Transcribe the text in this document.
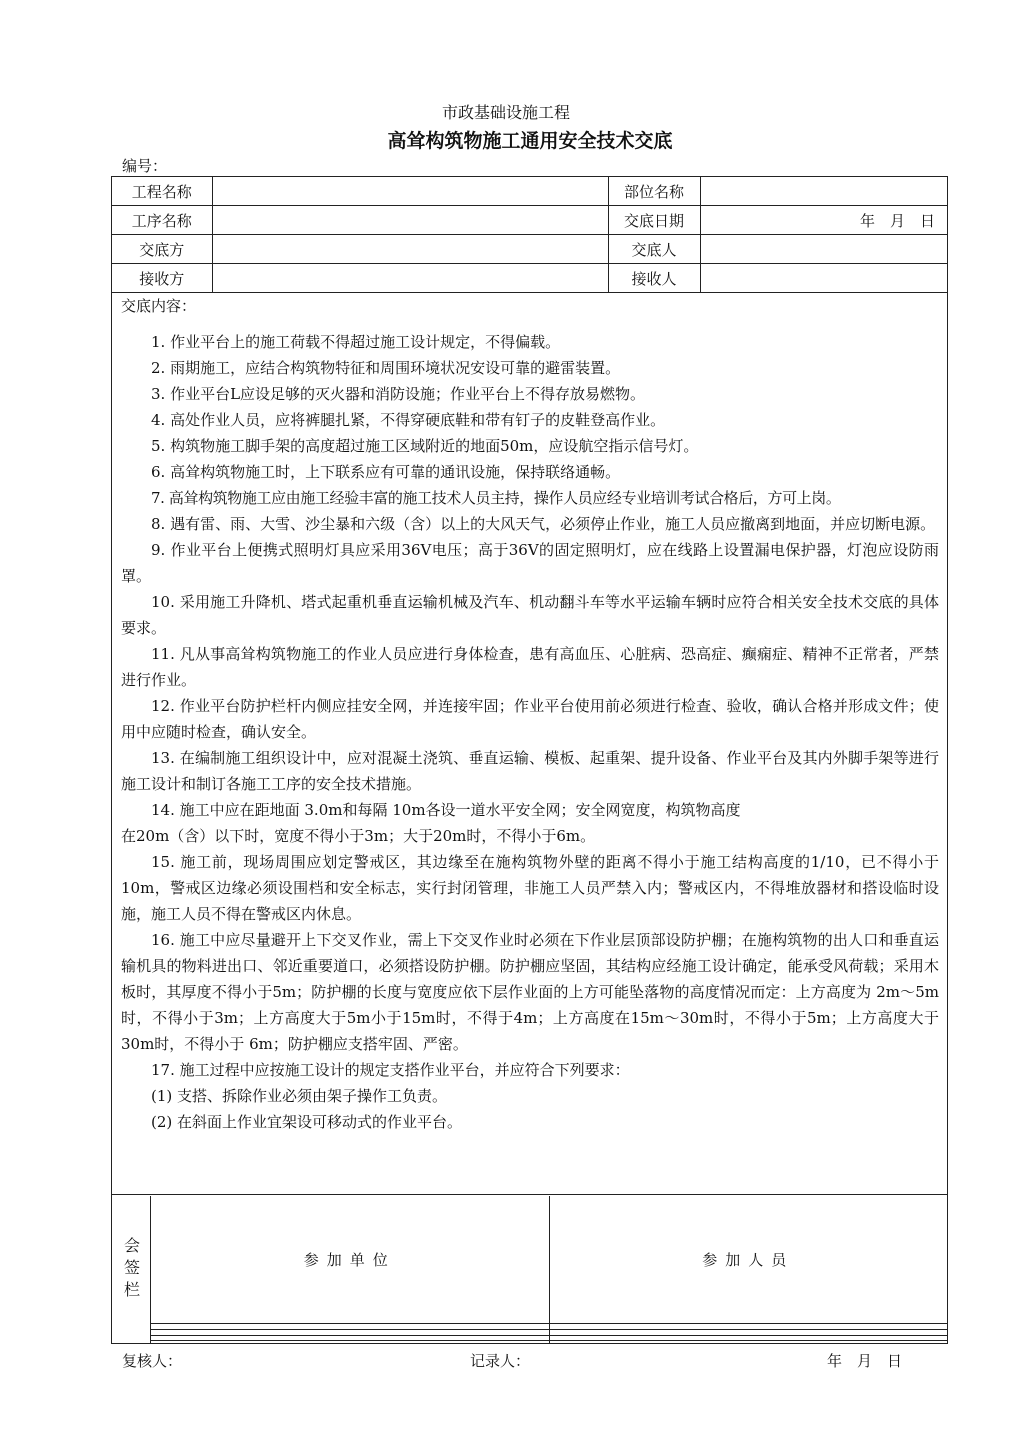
市政基础设施工程
高耸构筑物施工通用安全技术交底
编号：
工程名称		部位名称	
工序名称		交底日期	年　月　日
交底方		交底人	
接收方		接收人	
交底内容：

1. 作业平台上的施工荷载不得超过施工设计规定，不得偏载。

2. 雨期施工，应结合构筑物特征和周围环境状况安设可靠的避雷装置。

3. 作业平台L应设足够的灭火器和消防设施；作业平台上不得存放易燃物。

4. 高处作业人员，应将裤腿扎紧，不得穿硬底鞋和带有钉子的皮鞋登高作业。

5. 构筑物施工脚手架的高度超过施工区域附近的地面50m，应设航空指示信号灯。

6. 高耸构筑物施工时，上下联系应有可靠的通讯设施，保持联络通畅。

7. 高耸构筑物施工应由施工经验丰富的施工技术人员主持，操作人员应经专业培训考试合格后，方可上岗。

8. 遇有雷、雨、大雪、沙尘暴和六级（含）以上的大风天气，必须停止作业，施工人员应撤离到地面，并应切断电源。

9. 作业平台上便携式照明灯具应采用36V电压；高于36V的固定照明灯，应在线路上设置漏电保护器，灯泡应设防雨罩。

10. 采用施工升降机、塔式起重机垂直运输机械及汽车、机动翻斗车等水平运输车辆时应符合相关安全技术交底的具体要求。

11. 凡从事高耸构筑物施工的作业人员应进行身体检查，患有高血压、心脏病、恐高症、癫痫症、精神不正常者，严禁进行作业。

12. 作业平台防护栏杆内侧应挂安全网，并连接牢固；作业平台使用前必须进行检查、验收，确认合格并形成文件；使用中应随时检查，确认安全。

13. 在编制施工组织设计中，应对混凝土浇筑、垂直运输、模板、起重架、提升设备、作业平台及其内外脚手架等进行施工设计和制订各施工工序的安全技术措施。

14. 施工中应在距地面 3.0m和每隔 10m各设一道水平安全网；安全网宽度，构筑物高度

在20m（含）以下时，宽度不得小于3m；大于20m时，不得小于6m。

15. 施工前，现场周围应划定警戒区，其边缘至在施构筑物外壁的距离不得小于施工结构高度的1/10，已不得小于 10m，警戒区边缘必须设围档和安全标志，实行封闭管理，非施工人员严禁入内；警戒区内，不得堆放器材和搭设临时设施，施工人员不得在警戒区内休息。

16. 施工中应尽量避开上下交叉作业，需上下交叉作业时必须在下作业层顶部设防护棚；在施构筑物的出人口和垂直运输机具的物料进出口、邻近重要道口，必须搭设防护棚。防护棚应坚固，其结构应经施工设计确定，能承受风荷载；采用木板时，其厚度不得小于5m；防护棚的长度与宽度应依下层作业面的上方可能坠落物的高度情况而定：上方高度为 2m～5m时，不得小于3m；上方高度大于5m小于15m时，不得于4m；上方高度在15m～30m时，不得小于5m；上方高度大于 30m时，不得小于 6m；防护棚应支搭牢固、严密。

17. 施工过程中应按施工设计的规定支搭作业平台，并应符合下列要求：

(1) 支搭、拆除作业必须由架子操作工负责。

(2) 在斜面上作业宜架设可移动式的作业平台。

会签栏	参加单位	参加人员

复核人：	记录人：	年　月　日
